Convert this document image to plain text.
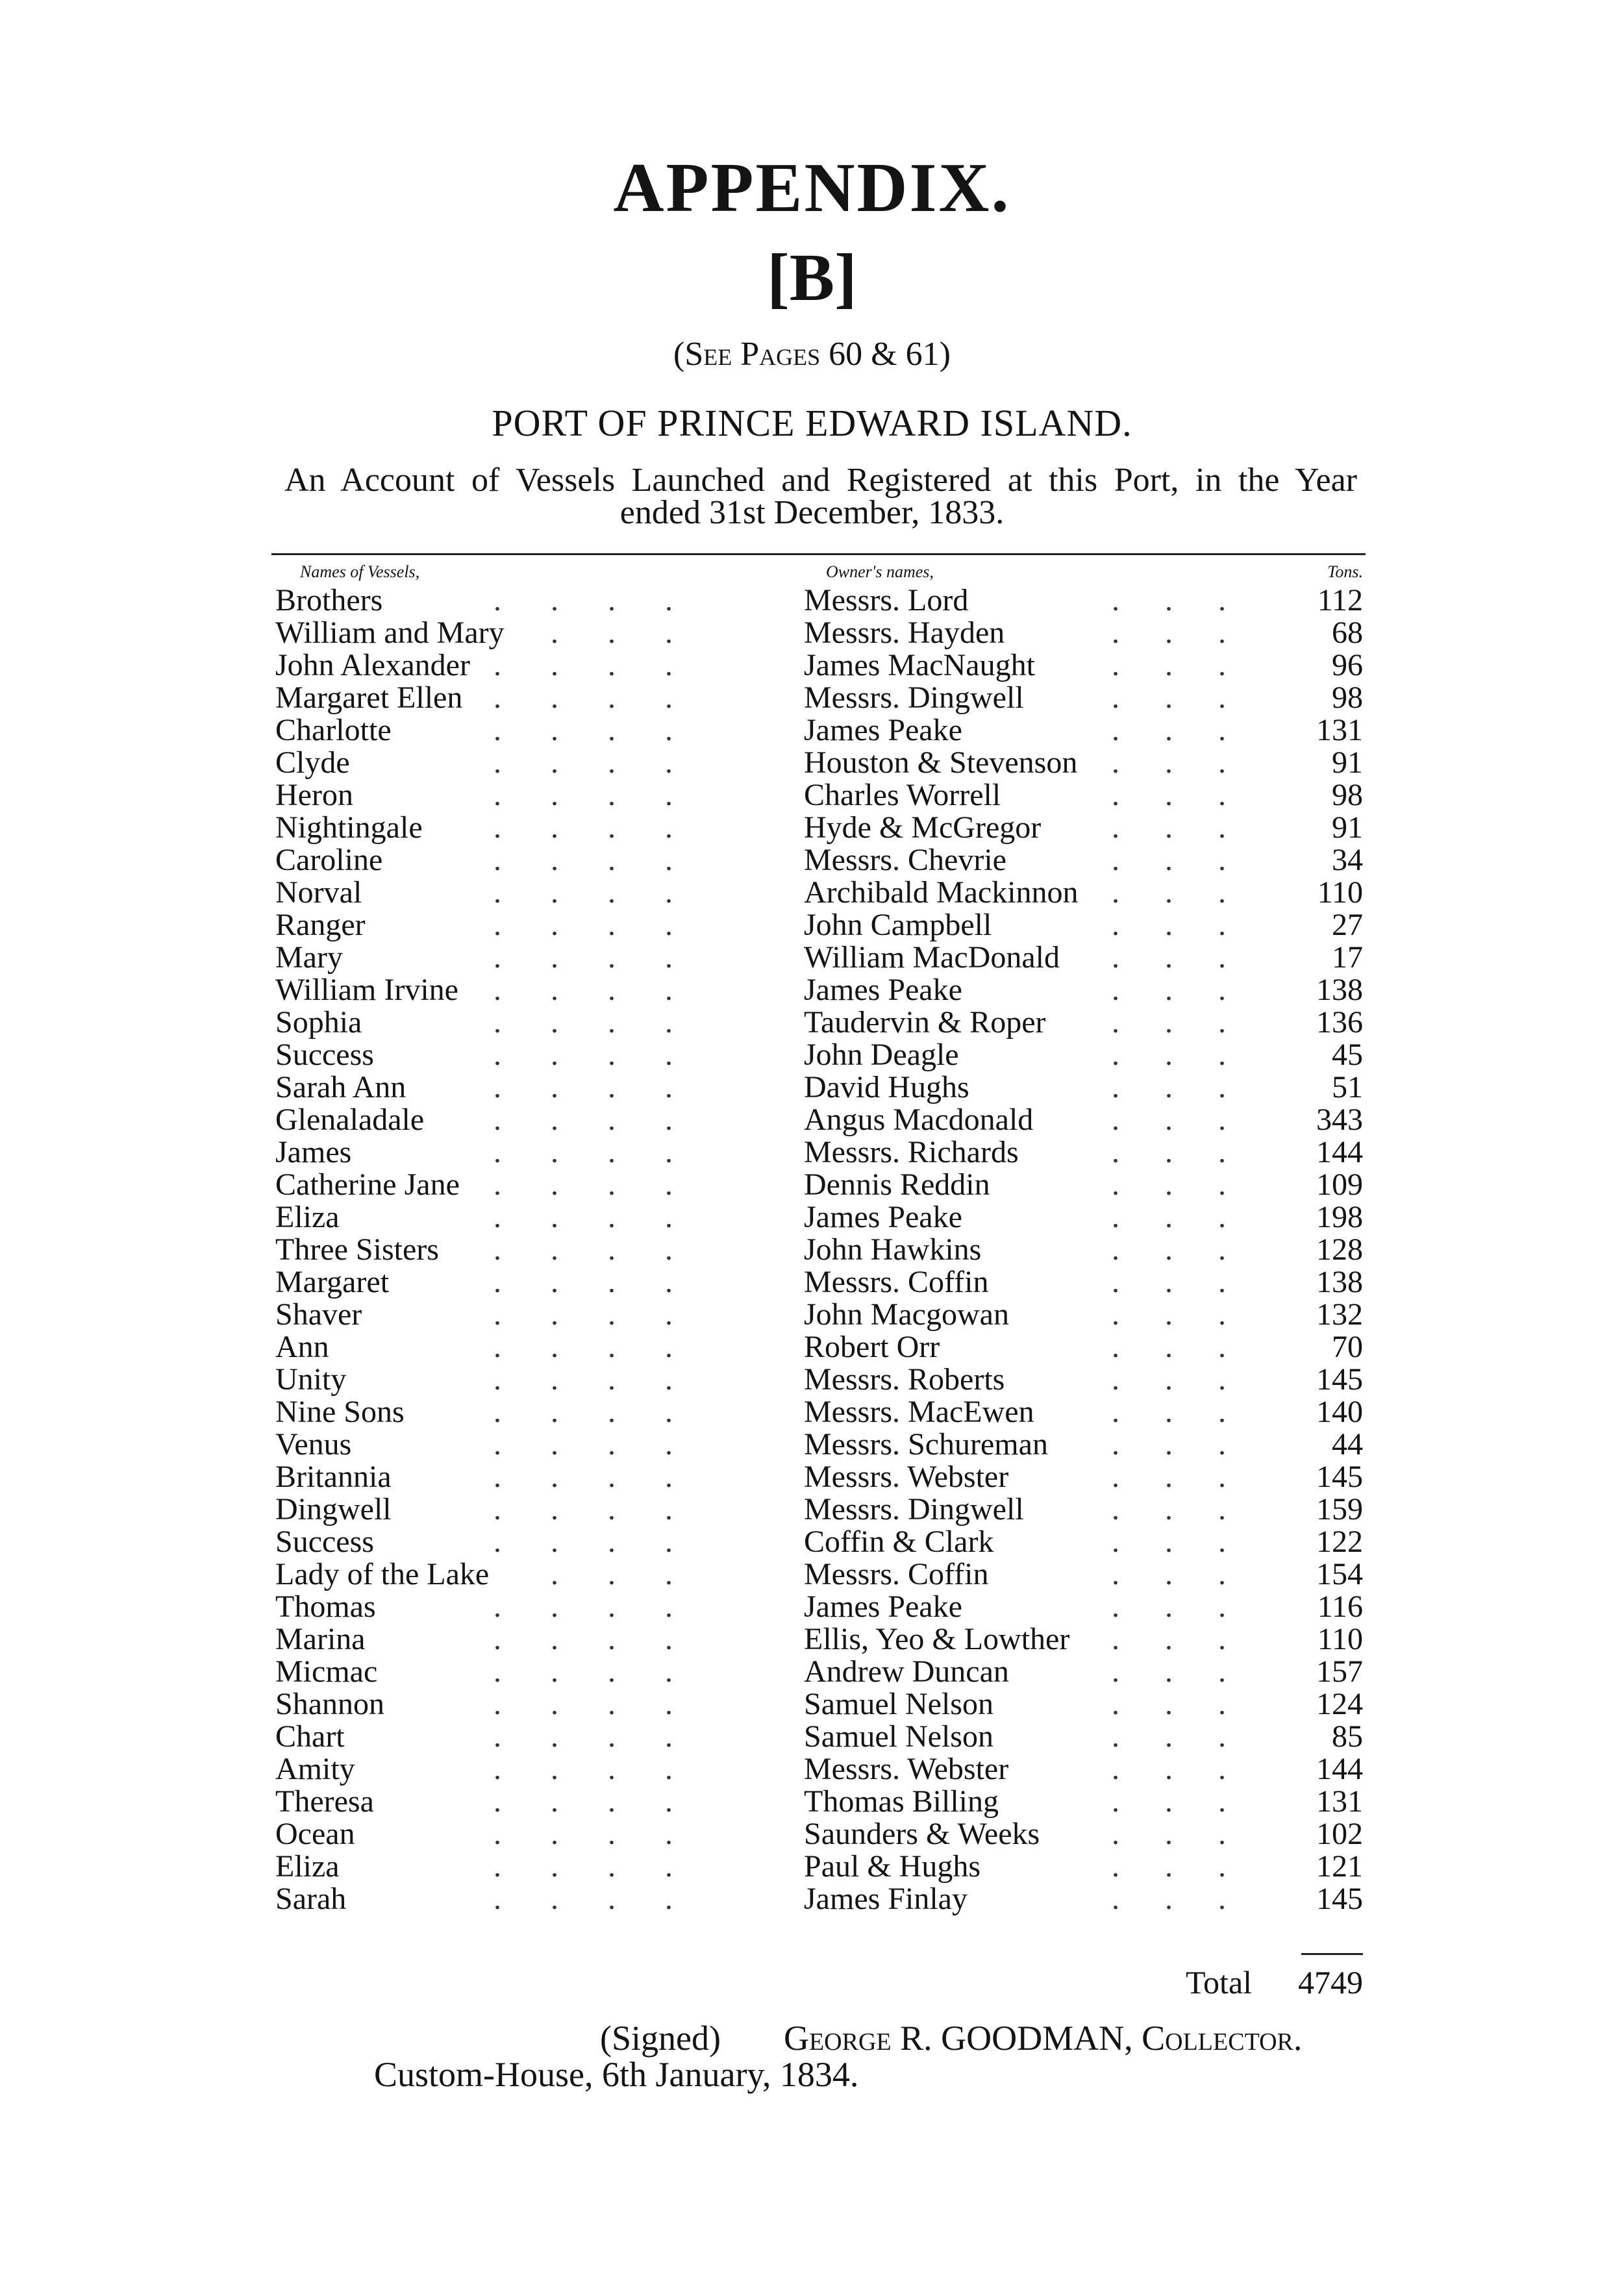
APPENDIX.
[B]
(See Pages 60 & 61)
PORT OF PRINCE EDWARD ISLAND.
An Account of Vessels Launched and Registered at this Port, in the Year
ended 31st December, 1833.
Names of Vessels,	Owner's names,	Tons.
Brothers	Messrs. Lord	112
....	...
William and Mary	Messrs. Hayden	68
...	...
John Alexander	James MacNaught	96
....	...
Margaret Ellen	Messrs. Dingwell	98
....	...
Charlotte	James Peake	131
....	...
Clyde	Houston & Stevenson	91
....	...
Heron	Charles Worrell	98
....	...
Nightingale	Hyde & McGregor	91
....	...
Caroline	Messrs. Chevrie	34
....	...
Norval	Archibald Mackinnon	110
....	...
Ranger	John Campbell	27
....	...
Mary	William MacDonald	17
....	...
William Irvine	James Peake	138
....	...
Sophia	Taudervin & Roper	136
....	...
Success	John Deagle	45
....	...
Sarah Ann	David Hughs	51
....	...
Glenaladale	Angus Macdonald	343
....	...
James	Messrs. Richards	144
....	...
Catherine Jane	Dennis Reddin	109
....	...
Eliza	James Peake	198
....	...
Three Sisters	John Hawkins	128
....	...
Margaret	Messrs. Coffin	138
....	...
Shaver	John Macgowan	132
....	...
Ann	Robert Orr	70
....	...
Unity	Messrs. Roberts	145
....	...
Nine Sons	Messrs. MacEwen	140
....	...
Venus	Messrs. Schureman	44
....	...
Britannia	Messrs. Webster	145
....	...
Dingwell	Messrs. Dingwell	159
....	...
Success	Coffin & Clark	122
....	...
Lady of the Lake	Messrs. Coffin	154
...	...
Thomas	James Peake	116
....	...
Marina	Ellis, Yeo & Lowther	110
....	...
Micmac	Andrew Duncan	157
....	...
Shannon	Samuel Nelson	124
....	...
Chart	Samuel Nelson	85
....	...
Amity	Messrs. Webster	144
....	...
Theresa	Thomas Billing	131
....	...
Ocean	Saunders & Weeks	102
....	...
Eliza	Paul & Hughs	121
....	...
Sarah	James Finlay	145
....	...
Total 4749
(Signed) George R. GOODMAN, Collector.
Custom-House, 6th January, 1834.
